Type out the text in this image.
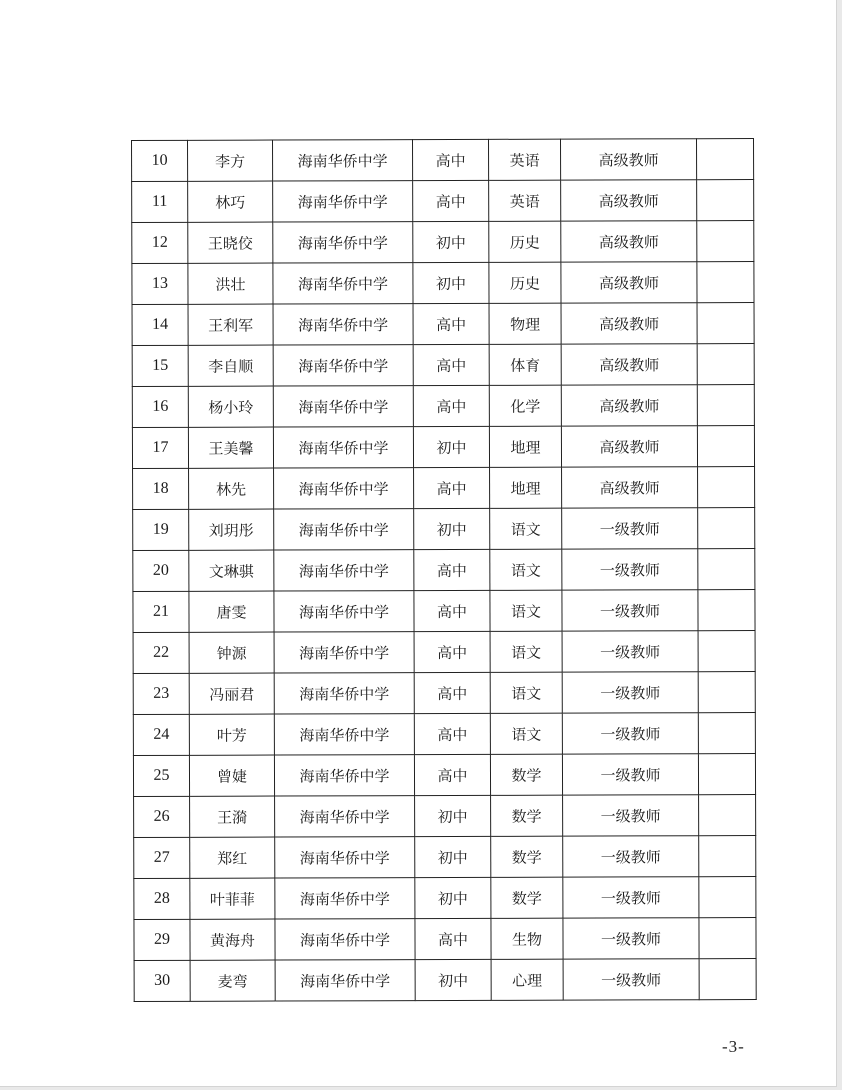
10	李方	海南华侨中学	高中	英语	高级教师	
11	林巧	海南华侨中学	高中	英语	高级教师	
12	王晓佼	海南华侨中学	初中	历史	高级教师	
13	洪壮	海南华侨中学	初中	历史	高级教师	
14	王利军	海南华侨中学	高中	物理	高级教师	
15	李自顺	海南华侨中学	高中	体育	高级教师	
16	杨小玲	海南华侨中学	高中	化学	高级教师	
17	王美馨	海南华侨中学	初中	地理	高级教师	
18	林先	海南华侨中学	高中	地理	高级教师	
19	刘玥彤	海南华侨中学	初中	语文	一级教师	
20	文琳骐	海南华侨中学	高中	语文	一级教师	
21	唐雯	海南华侨中学	高中	语文	一级教师	
22	钟源	海南华侨中学	高中	语文	一级教师	
23	冯丽君	海南华侨中学	高中	语文	一级教师	
24	叶芳	海南华侨中学	高中	语文	一级教师	
25	曾婕	海南华侨中学	高中	数学	一级教师	
26	王漪	海南华侨中学	初中	数学	一级教师	
27	郑红	海南华侨中学	初中	数学	一级教师	
28	叶菲菲	海南华侨中学	初中	数学	一级教师	
29	黄海舟	海南华侨中学	高中	生物	一级教师	
30	麦弯	海南华侨中学	初中	心理	一级教师	
-3-
